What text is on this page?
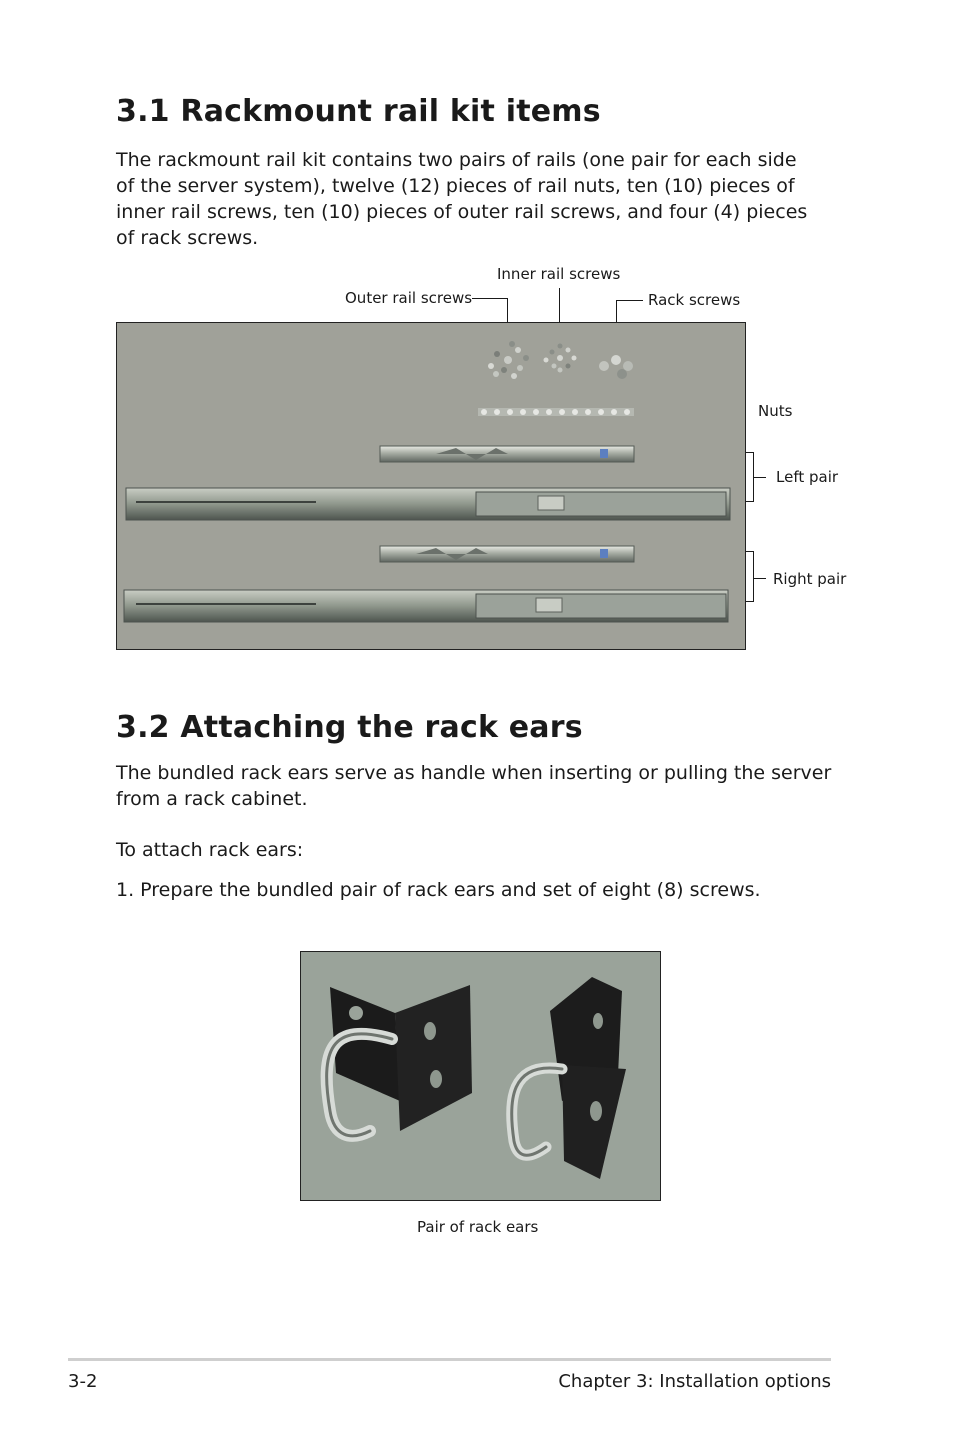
3.1 Rackmount rail kit items

The rackmount rail kit contains two pairs of rails (one pair for each side
of the server system), twelve (12) pieces of rail nuts, ten (10) pieces of
inner rail screws, ten (10) pieces of outer rail screws, and four (4) pieces
of rack screws.

Inner rail screws
Outer rail screws	Rack screws
Nuts
Left pair
Right pair
3.2 Attaching the rack ears

The bundled rack ears serve as handle when inserting or pulling the server
from a rack cabinet.

To attach rack ears:

1. Prepare the bundled pair of rack ears and set of eight (8) screws.

Pair of rack ears
3-2	Chapter 3: Installation options
